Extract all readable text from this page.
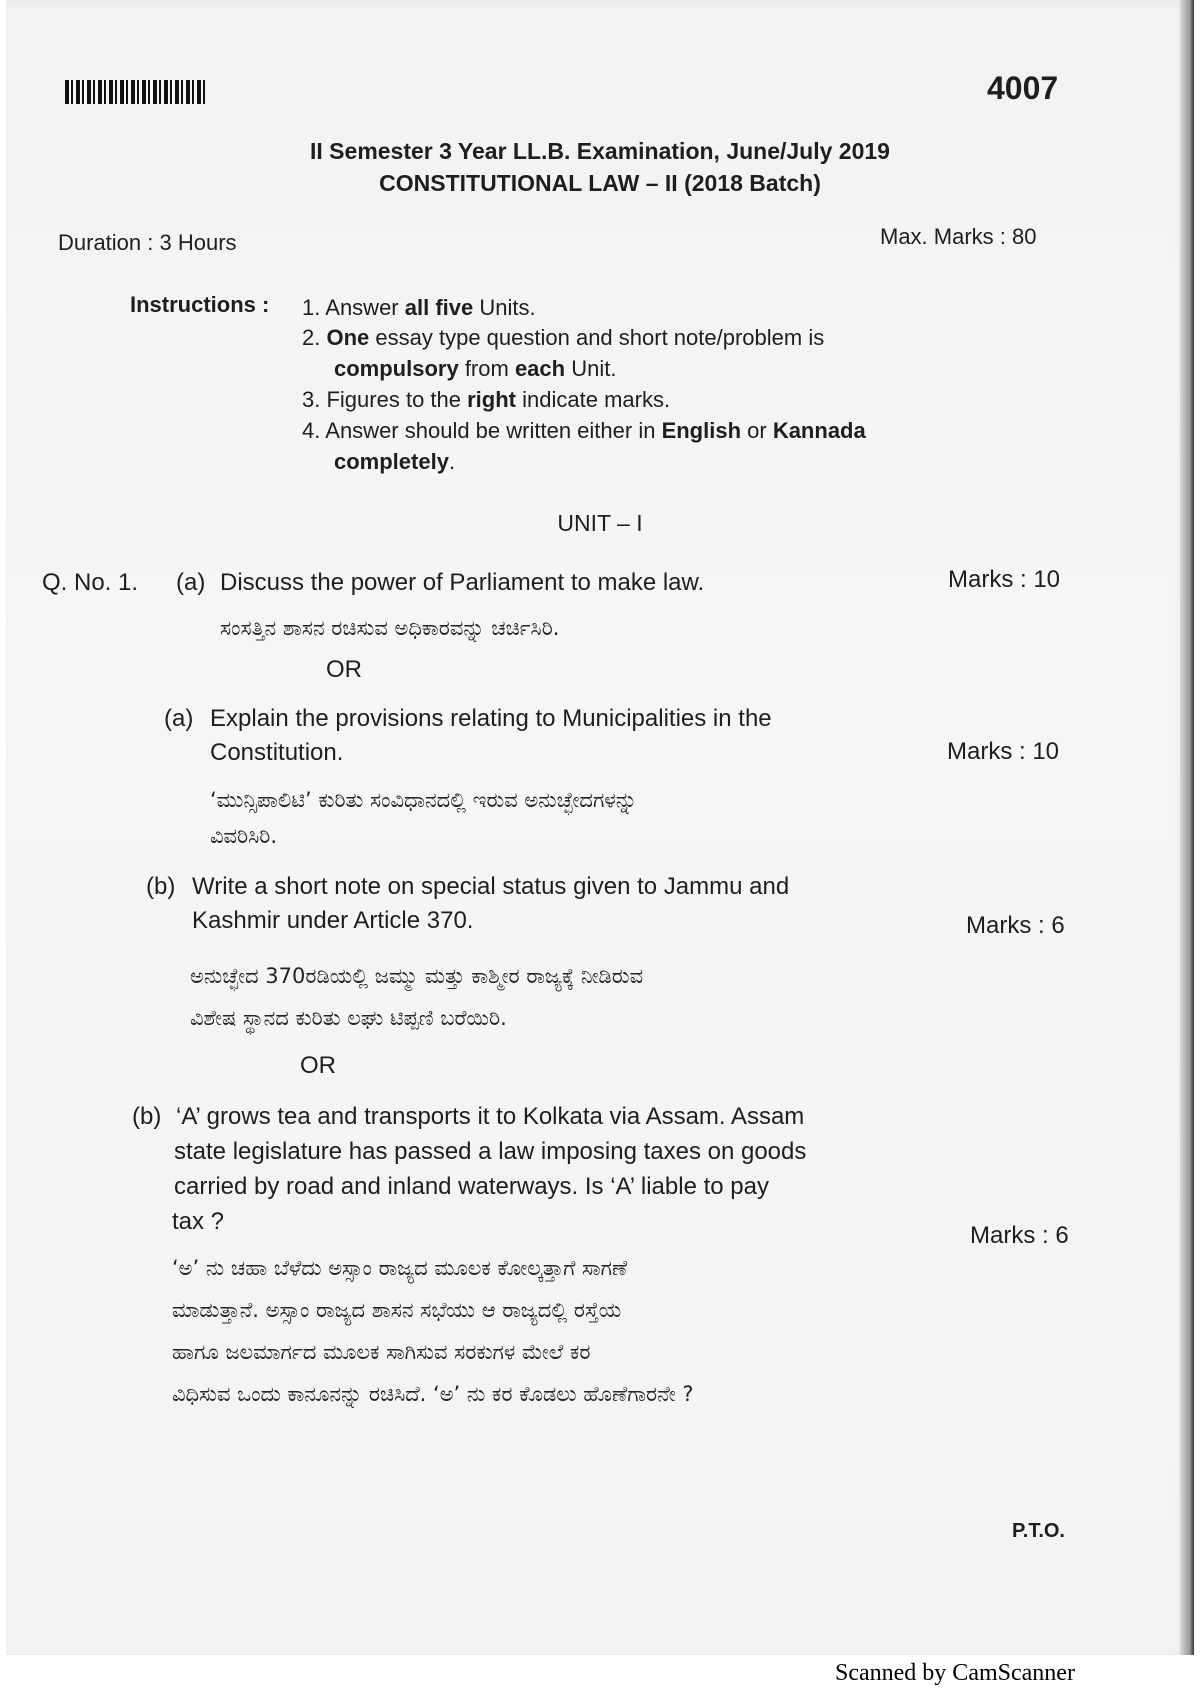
4007
II Semester 3 Year LL.B. Examination, June/July 2019
CONSTITUTIONAL LAW – II (2018 Batch)
Duration : 3 Hours	Max. Marks : 80
Instructions : 1. Answer all five Units.
2. One essay type question and short note/problem is
compulsory from each Unit.
3. Figures to the right indicate marks.
4. Answer should be written either in English or Kannada
completely.
UNIT – I
Q. No. 1. (a) Discuss the power of Parliament to make law.	Marks : 10
ಸಂಸತ್ತಿನ ಶಾಸನ ರಚಿಸುವ ಅಧಿಕಾರವನ್ನು ಚರ್ಚಿಸಿರಿ.
OR
(a) Explain the provisions relating to Municipalities in the
Constitution.	Marks : 10
‘ಮುನ್ಸಿಪಾಲಿಟಿ’ ಕುರಿತು ಸಂವಿಧಾನದಲ್ಲಿ ಇರುವ ಅನುಚ್ಛೇದಗಳನ್ನು
ವಿವರಿಸಿರಿ.
(b) Write a short note on special status given to Jammu and
Kashmir under Article 370.	Marks : 6
ಅನುಚ್ಛೇದ 370ರಡಿಯಲ್ಲಿ ಜಮ್ಮು ಮತ್ತು ಕಾಶ್ಮೀರ ರಾಜ್ಯಕ್ಕೆ ನೀಡಿರುವ
ವಿಶೇಷ ಸ್ಥಾನದ ಕುರಿತು ಲಘು ಟಿಪ್ಪಣಿ ಬರೆಯಿರಿ.
OR
(b) ‘A’ grows tea and transports it to Kolkata via Assam. Assam
state legislature has passed a law imposing taxes on goods
carried by road and inland waterways. Is ‘A’ liable to pay
tax ?
Marks : 6
‘ಅ’ ನು ಚಹಾ ಬೆಳೆದು ಅಸ್ಸಾಂ ರಾಜ್ಯದ ಮೂಲಕ ಕೋಲ್ಕತ್ತಾಗೆ ಸಾಗಣೆ
ಮಾಡುತ್ತಾನೆ. ಅಸ್ಸಾಂ ರಾಜ್ಯದ ಶಾಸನ ಸಭೆಯು ಆ ರಾಜ್ಯದಲ್ಲಿ ರಸ್ತೆಯ
ಹಾಗೂ ಜಲಮಾರ್ಗದ ಮೂಲಕ ಸಾಗಿಸುವ ಸರಕುಗಳ ಮೇಲೆ ಕರ
ವಿಧಿಸುವ ಒಂದು ಕಾನೂನನ್ನು ರಚಿಸಿದೆ. ‘ಅ’ ನು ಕರ ಕೊಡಲು ಹೊಣೆಗಾರನೇ ?
P.T.O.
Scanned by CamScanner
